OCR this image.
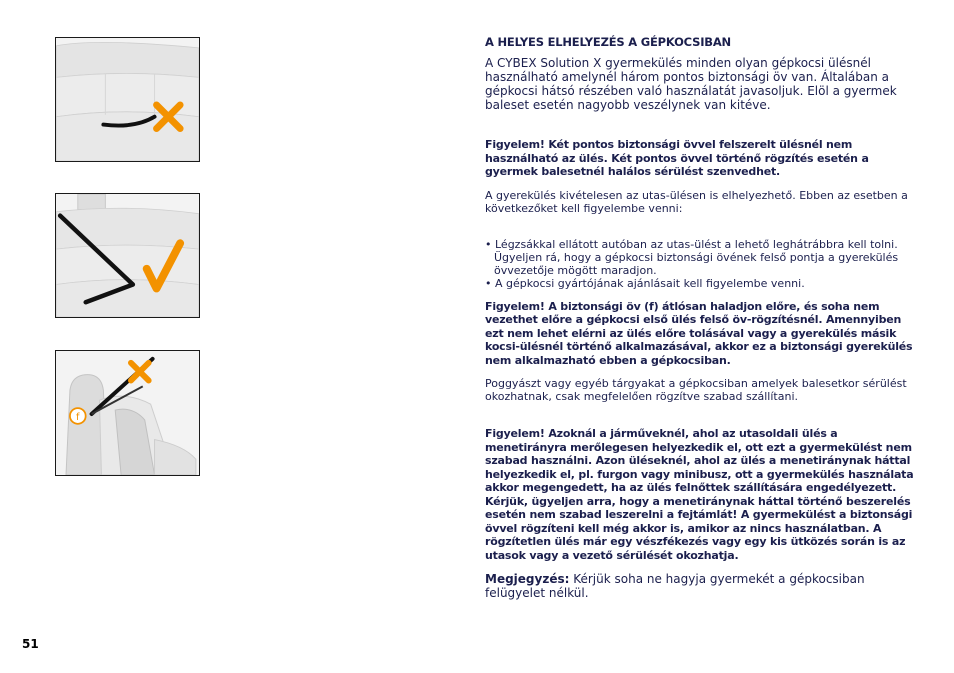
f
51
A HELYES ELHELYEZÉS A GÉPKOCSIBAN

A CYBEX Solution X gyermekülés minden olyan gépkocsi ülésnél használható amelynél három pontos biztonsági öv van. Általában a gépkocsi hátsó részében való használatát javasoljuk. Elöl a gyermek baleset esetén nagyobb veszélynek van kitéve.

Figyelem! Két pontos biztonsági övvel felszerelt ülésnél nem használható az ülés. Két pontos övvel történő rögzítés esetén a gyermek balesetnél halálos sérülést szenvedhet.

A gyerekülés kivételesen az utas-ülésen is elhelyezhető. Ebben az esetben a következőket kell figyelembe venni:

• Légzsákkal ellátott autóban az utas-ülést a lehető leghátrábbra kell tolni. Ügyeljen rá, hogy a gépkocsi biztonsági övének felső pontja a gyerekülés övvezetője mögött maradjon.
• A gépkocsi gyártójának ajánlásait kell figyelembe venni.

Figyelem! A biztonsági öv (f) átlósan haladjon előre, és soha nem vezethet előre a gépkocsi első ülés felső öv-rögzítésnél. Amennyiben ezt nem lehet elérni az ülés előre tolásával vagy a gyerekülés másik kocsi-ülésnél történő alkalmazásával, akkor ez a biztonsági gyerekülés nem alkalmazható ebben a gépkocsiban.

Poggyászt vagy egyéb tárgyakat a gépkocsiban amelyek balesetkor sérülést okozhatnak, csak megfelelően rögzítve szabad szállítani.

Figyelem! Azoknál a járműveknél, ahol az utasoldali ülés a menetirányra merőlegesen helyezkedik el, ott ezt a gyermekülést nem szabad használni. Azon üléseknél, ahol az ülés a menetiránynak háttal helyezkedik el, pl. furgon vagy minibusz, ott a gyermekülés használata akkor megengedett, ha az ülés felnőttek szállítására engedélyezett. Kérjük, ügyeljen arra, hogy a menetiránynak háttal történő beszerelés esetén nem szabad leszerelni a fejtámlát! A gyermekülést a biztonsági övvel rögzíteni kell még akkor is, amikor az nincs használatban. A rögzítetlen ülés már egy vészfékezés vagy egy kis ütközés során is az utasok vagy a vezető sérülését okozhatja.

Megjegyzés: Kérjük soha ne hagyja gyermekét a gépkocsiban felügyelet nélkül.
